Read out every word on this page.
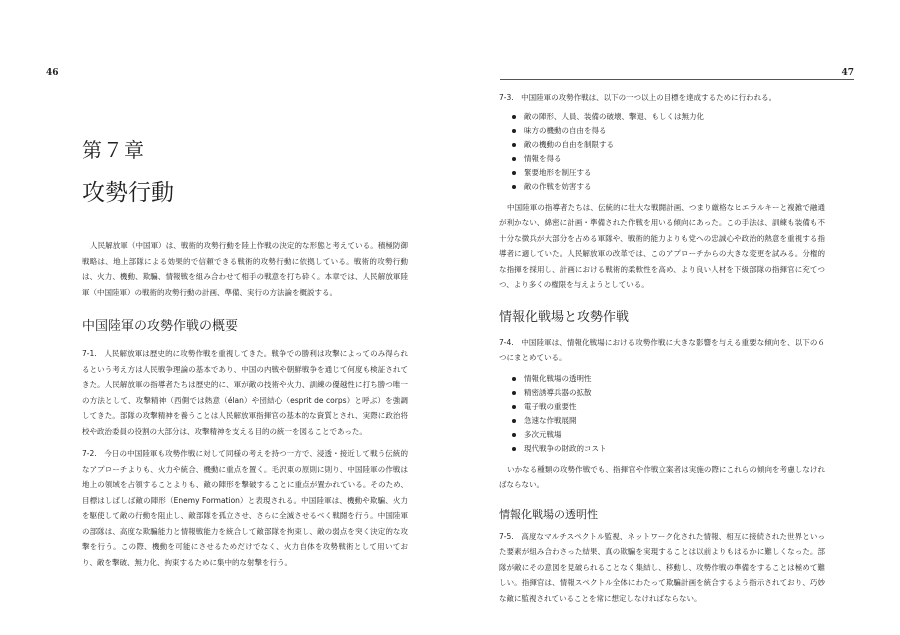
46
第７章
攻勢行動

人民解放軍（中国軍）は、戦術的攻勢行動を陸上作戦の決定的な形態と考えている。積極防御戦略は、地上部隊による効果的で信頼できる戦術的攻勢行動に依拠している。戦術的攻勢行動は、火力、機動、欺騙、情報戦を組み合わせて相手の戦意を打ち砕く。本章では、人民解放軍陸軍（中国陸軍）の戦術的攻勢行動の計画、準備、実行の方法論を概説する。

中国陸軍の攻勢作戦の概要

7-1.　人民解放軍は歴史的に攻勢作戦を重視してきた。戦争での勝利は攻撃によってのみ得られるという考え方は人民戦争理論の基本であり、中国の内戦や朝鮮戦争を通じて何度も検証されてきた。人民解放軍の指導者たちは歴史的に、軍が敵の技術や火力、訓練の優越性に打ち勝つ唯一の方法として、攻撃精神（西側では熱意（élan）や団結心（esprit de corps）と呼ぶ）を強調してきた。部隊の攻撃精神を養うことは人民解放軍指揮官の基本的な資質とされ、実際に政治将校や政治委員の役割の大部分は、攻撃精神を支える目的の統一を図ることであった。

7-2.　今日の中国陸軍も攻勢作戦に対して同様の考えを持つ一方で、浸透・接近して戦う伝統的なアプローチよりも、火力や統合、機動に重点を置く。毛沢東の原則に則り、中国陸軍の作戦は地上の領域を占領することよりも、敵の陣形を撃破することに重点が置かれている。そのため、目標はしばしば敵の陣形（Enemy Formation）と表現される。中国陸軍は、機動や欺騙、火力を駆使して敵の行動を阻止し、敵部隊を孤立させ、さらに全滅させるべく戦闘を行う。中国陸軍の部隊は、高度な欺騙能力と情報戦能力を統合して敵部隊を拘束し、敵の弱点を突く決定的な攻撃を行う。この際、機動を可能にさせるためだけでなく、火力自体を攻勢戦術として用いており、敵を撃破、無力化、拘束するために集中的な射撃を行う。

47

7-3.　中国陸軍の攻勢作戦は、以下の一つ以上の目標を達成するために行われる。

敵の陣形、人員、装備の破壊、撃退、もしくは無力化
味方の機動の自由を得る
敵の機動の自由を制限する
情報を得る
緊要地形を制圧する
敵の作戦を妨害する

中国陸軍の指導者たちは、伝統的に壮大な戦闘計画、つまり厳格なヒエラルキーと複雑で融通が利かない、綿密に計画・準備された作戦を用いる傾向にあった。この手法は、訓練も装備も不十分な徴兵が大部分を占める軍隊や、戦術的能力よりも党への忠誠心や政治的熱意を重視する指導者に適していた。人民解放軍の改革では、このアプローチからの大きな変更を試みる。分権的な指揮を採用し、計画における戦術的柔軟性を高め、より良い人材を下級部隊の指揮官に充てつつ、より多くの権限を与えようとしている。

情報化戦場と攻勢作戦

7-4.　中国陸軍は、情報化戦場における攻勢作戦に大きな影響を与える重要な傾向を、以下の６つにまとめている。

情報化戦場の透明性
精密誘導兵器の拡散
電子戦の重要性
急速な作戦展開
多次元戦場
現代戦争の財政的コスト

いかなる種類の攻勢作戦でも、指揮官や作戦立案者は実施の際にこれらの傾向を考慮しなければならない。

情報化戦場の透明性

7-5.　高度なマルチスペクトル監視、ネットワーク化された情報、相互に接続された世界といった要素が組み合わさった結果、真の欺騙を実現することは以前よりもはるかに難しくなった。部隊が敵にその意図を見破られることなく集結し、移動し、攻勢作戦の準備をすることは極めて難しい。指揮官は、情報スペクトル全体にわたって欺騙計画を統合するよう指示されており、巧妙な敵に監視されていることを常に想定しなければならない。
